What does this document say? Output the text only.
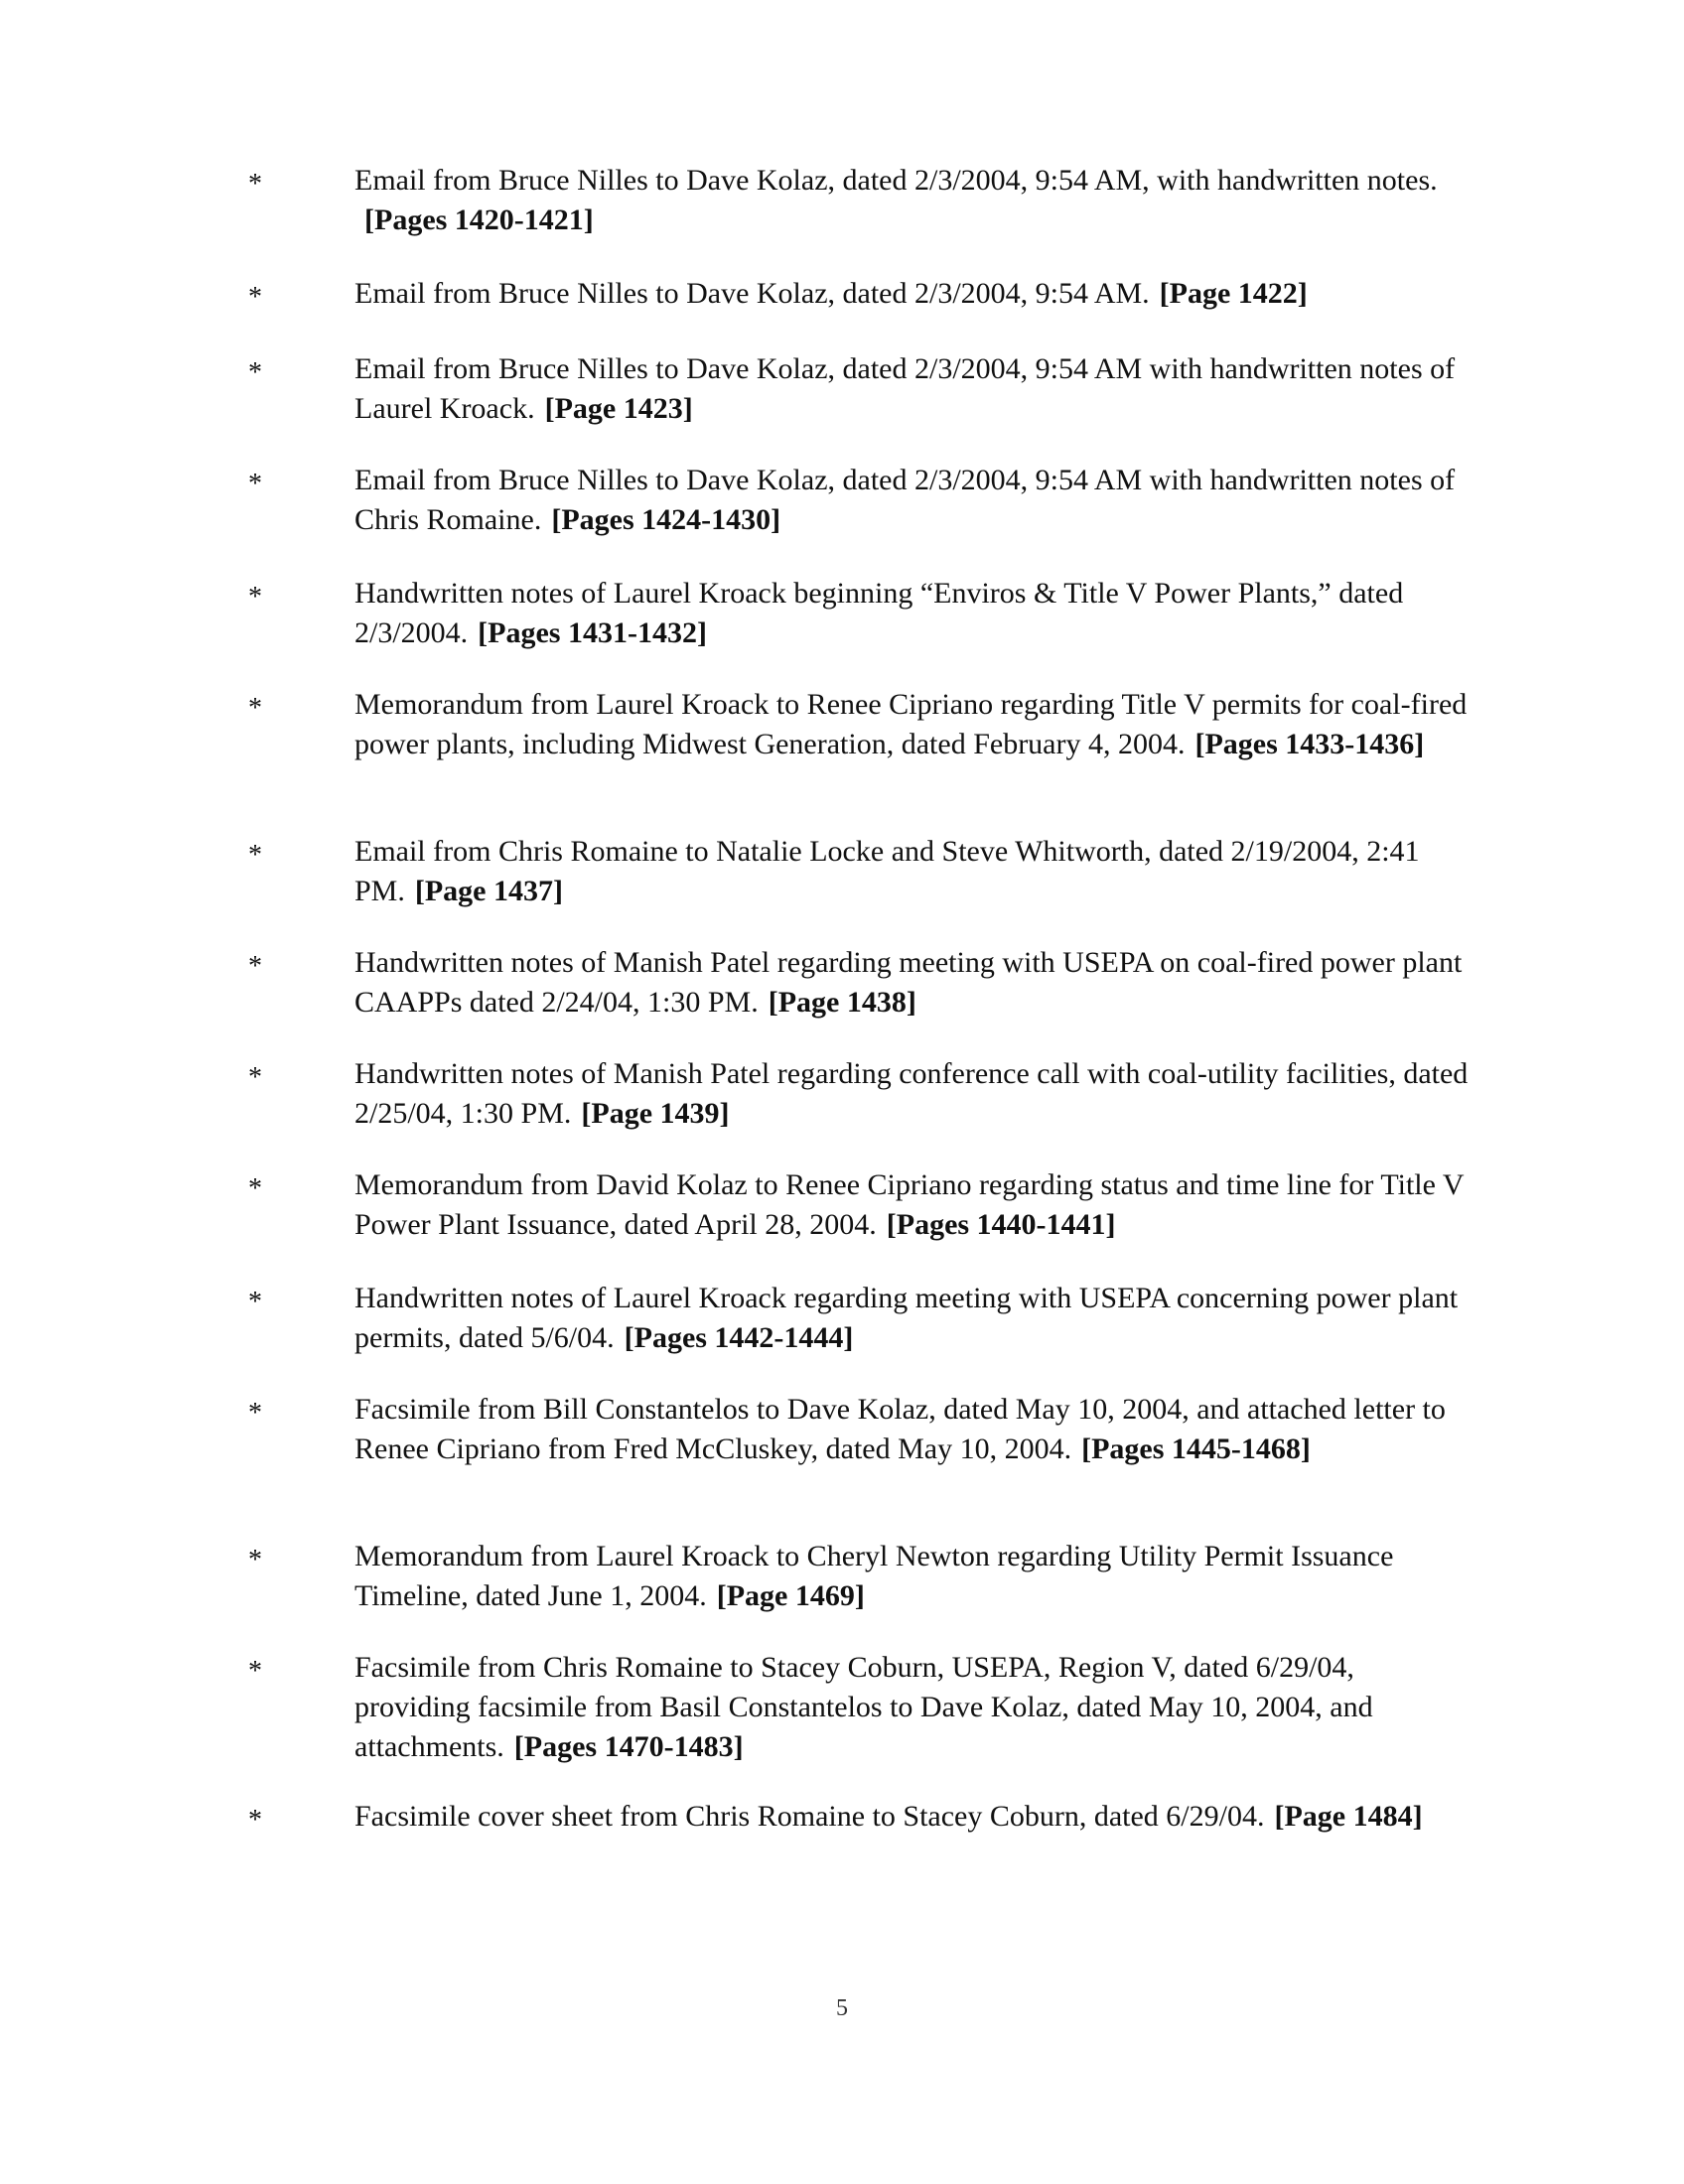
*	Email from Bruce Nilles to Dave Kolaz, dated 2/3/2004, 9:54 AM, with handwritten notes.[Pages 1420-1421]
*	Email from Bruce Nilles to Dave Kolaz, dated 2/3/2004, 9:54 AM. [Page 1422]
*	Email from Bruce Nilles to Dave Kolaz, dated 2/3/2004, 9:54 AM with handwritten notes of Laurel Kroack. [Page 1423]
*	Email from Bruce Nilles to Dave Kolaz, dated 2/3/2004, 9:54 AM with handwritten notes of Chris Romaine. [Pages 1424-1430]
*	Handwritten notes of Laurel Kroack beginning “Enviros & Title V Power Plants,” dated 2/3/2004. [Pages 1431-1432]
*	Memorandum from Laurel Kroack to Renee Cipriano regarding Title V permits for coal-fired power plants, including Midwest Generation, dated February 4, 2004. [Pages 1433-1436]
*	Email from Chris Romaine to Natalie Locke and Steve Whitworth, dated 2/19/2004, 2:41 PM. [Page 1437]
*	Handwritten notes of Manish Patel regarding meeting with USEPA on coal-fired power plant CAAPPs dated 2/24/04, 1:30 PM. [Page 1438]
*	Handwritten notes of Manish Patel regarding conference call with coal-utility facilities, dated 2/25/04, 1:30 PM. [Page 1439]
*	Memorandum from David Kolaz to Renee Cipriano regarding status and time line for Title V Power Plant Issuance, dated April 28, 2004. [Pages 1440-1441]
*	Handwritten notes of Laurel Kroack regarding meeting with USEPA concerning power plant permits, dated 5/6/04. [Pages 1442-1444]
*	Facsimile from Bill Constantelos to Dave Kolaz, dated May 10, 2004, and attached letter to Renee Cipriano from Fred McCluskey, dated May 10, 2004. [Pages 1445-1468]
*	Memorandum from Laurel Kroack to Cheryl Newton regarding Utility Permit Issuance Timeline, dated June 1, 2004. [Page 1469]
*	Facsimile from Chris Romaine to Stacey Coburn, USEPA, Region V, dated 6/29/04, providing facsimile from Basil Constantelos to Dave Kolaz, dated May 10, 2004, and attachments. [Pages 1470-1483]
*	Facsimile cover sheet from Chris Romaine to Stacey Coburn, dated 6/29/04. [Page 1484]
5
